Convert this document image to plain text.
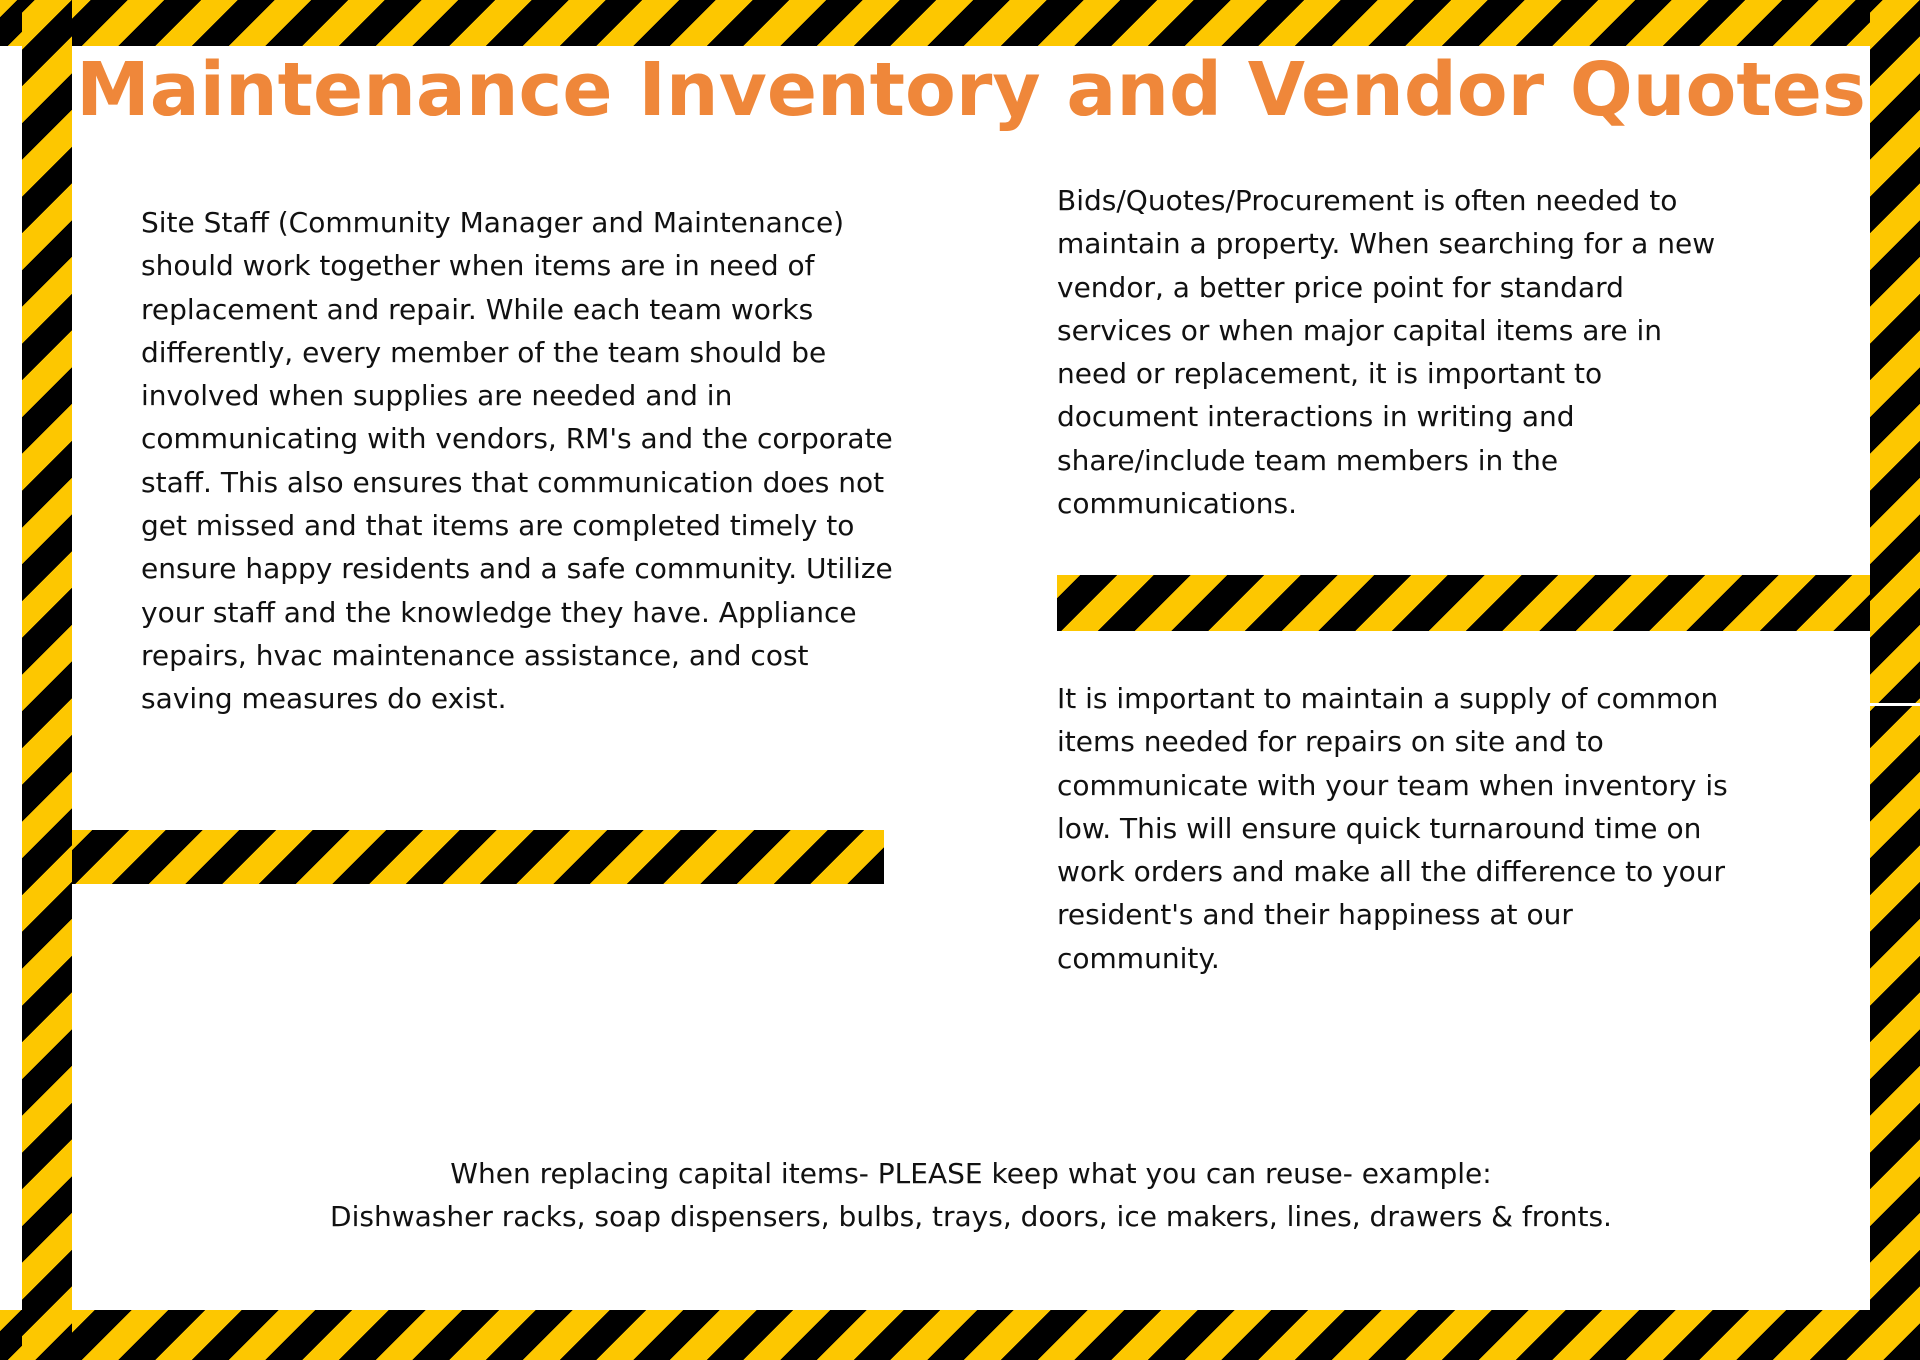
Maintenance Inventory and Vendor Quotes

Site Staff (Community Manager and Maintenance) should work together when items are in need of replacement and repair. While each team works differently, every member of the team should be involved when supplies are needed and in communicating with vendors, RM's and the corporate staff. This also ensures that communication does not get missed and that items are completed timely to ensure happy residents and a safe community. Utilize your staff and the knowledge they have. Appliance repairs, hvac maintenance assistance, and cost saving measures do exist.

Bids/Quotes/Procurement is often needed to maintain a property. When searching for a new vendor, a better price point for standard services or when major capital items are in need or replacement, it is important to document interactions in writing and share/include team members in the communications.

It is important to maintain a supply of common items needed for repairs on site and to communicate with your team when inventory is low. This will ensure quick turnaround time on work orders and make all the difference to your resident's and their happiness at our community.

When replacing capital items- PLEASE keep what you can reuse- example:
Dishwasher racks, soap dispensers, bulbs, trays, doors, ice makers, lines, drawers & fronts.
